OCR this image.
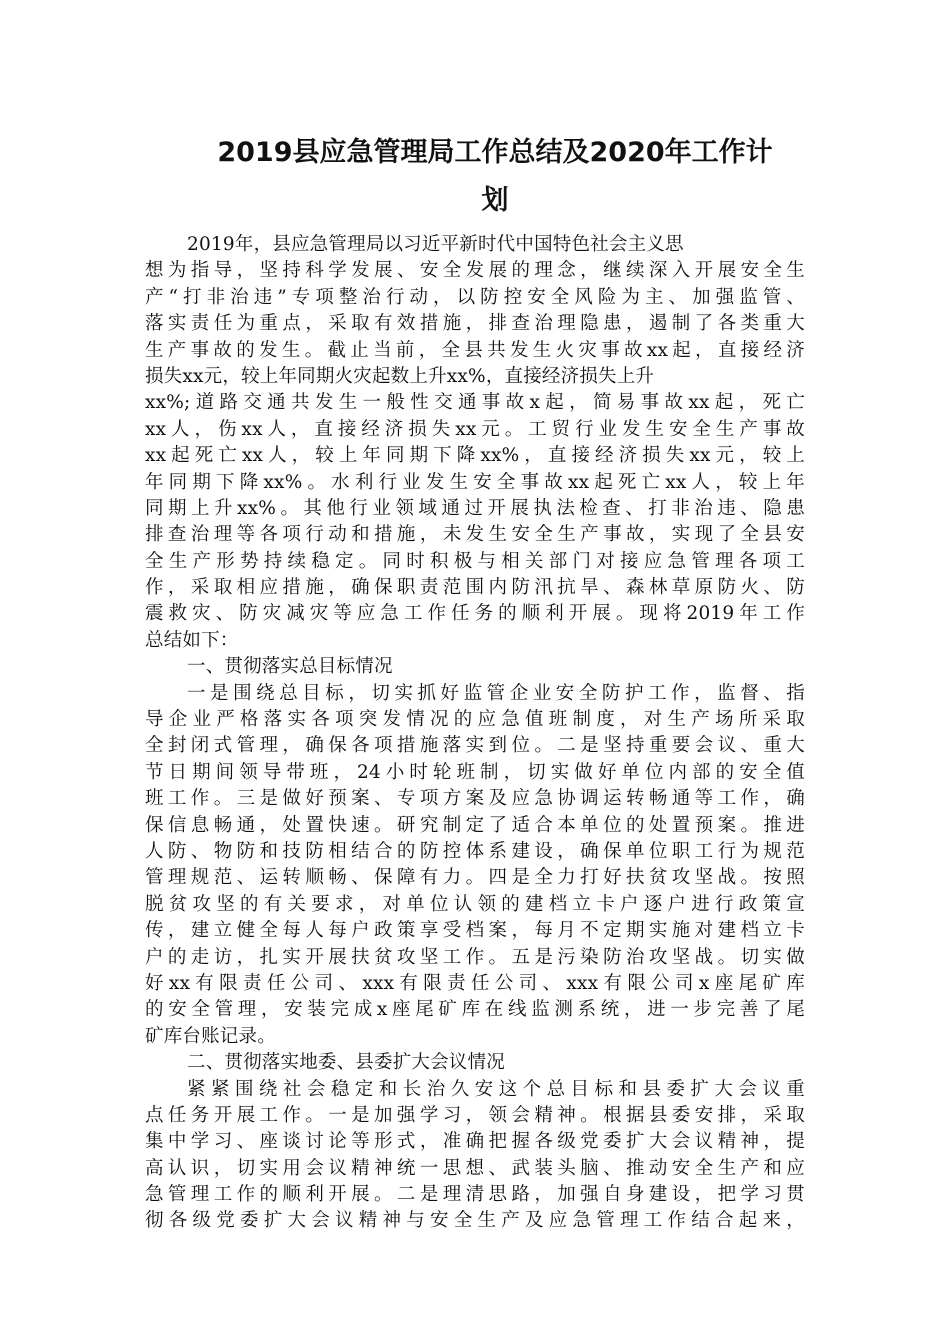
2019县应急管理局工作总结及2020年工作计
划
2019年，县应急管理局以习近平新时代中国特色社会主义思
想为指导，坚持科学发展、安全发展的理念，继续深入开展安全生
产“打非治违”专项整治行动，以防控安全风险为主、加强监管、
落实责任为重点，采取有效措施，排查治理隐患，遏制了各类重大
生产事故的发生。截止当前，全县共发生火灾事故xx起，直接经济
损失xx元，较上年同期火灾起数上升xx%，直接经济损失上升
xx%;道路交通共发生一般性交通事故x起，简易事故xx起，死亡
xx人，伤xx人，直接经济损失xx元。工贸行业发生安全生产事故
xx起死亡xx人，较上年同期下降xx%，直接经济损失xx元，较上
年同期下降xx%。水利行业发生安全事故xx起死亡xx人，较上年
同期上升xx%。其他行业领域通过开展执法检查、打非治违、隐患
排查治理等各项行动和措施，未发生安全生产事故，实现了全县安
全生产形势持续稳定。同时积极与相关部门对接应急管理各项工
作，采取相应措施，确保职责范围内防汛抗旱、森林草原防火、防
震救灾、防灾减灾等应急工作任务的顺利开展。现将2019年工作
总结如下：
一、贯彻落实总目标情况
一是围绕总目标，切实抓好监管企业安全防护工作，监督、指
导企业严格落实各项突发情况的应急值班制度，对生产场所采取
全封闭式管理，确保各项措施落实到位。二是坚持重要会议、重大
节日期间领导带班，24小时轮班制，切实做好单位内部的安全值
班工作。三是做好预案、专项方案及应急协调运转畅通等工作，确
保信息畅通，处置快速。研究制定了适合本单位的处置预案。推进
人防、物防和技防相结合的防控体系建设，确保单位职工行为规范
管理规范、运转顺畅、保障有力。四是全力打好扶贫攻坚战。按照
脱贫攻坚的有关要求，对单位认领的建档立卡户逐户进行政策宣
传，建立健全每人每户政策享受档案，每月不定期实施对建档立卡
户的走访，扎实开展扶贫攻坚工作。五是污染防治攻坚战。切实做
好xx有限责任公司、xxx有限责任公司、xxx有限公司x座尾矿库
的安全管理，安装完成x座尾矿库在线监测系统，进一步完善了尾
矿库台账记录。
二、贯彻落实地委、县委扩大会议情况
紧紧围绕社会稳定和长治久安这个总目标和县委扩大会议重
点任务开展工作。一是加强学习，领会精神。根据县委安排，采取
集中学习、座谈讨论等形式，准确把握各级党委扩大会议精神，提
高认识，切实用会议精神统一思想、武装头脑、推动安全生产和应
急管理工作的顺利开展。二是理清思路，加强自身建设，把学习贯
彻各级党委扩大会议精神与安全生产及应急管理工作结合起来，
